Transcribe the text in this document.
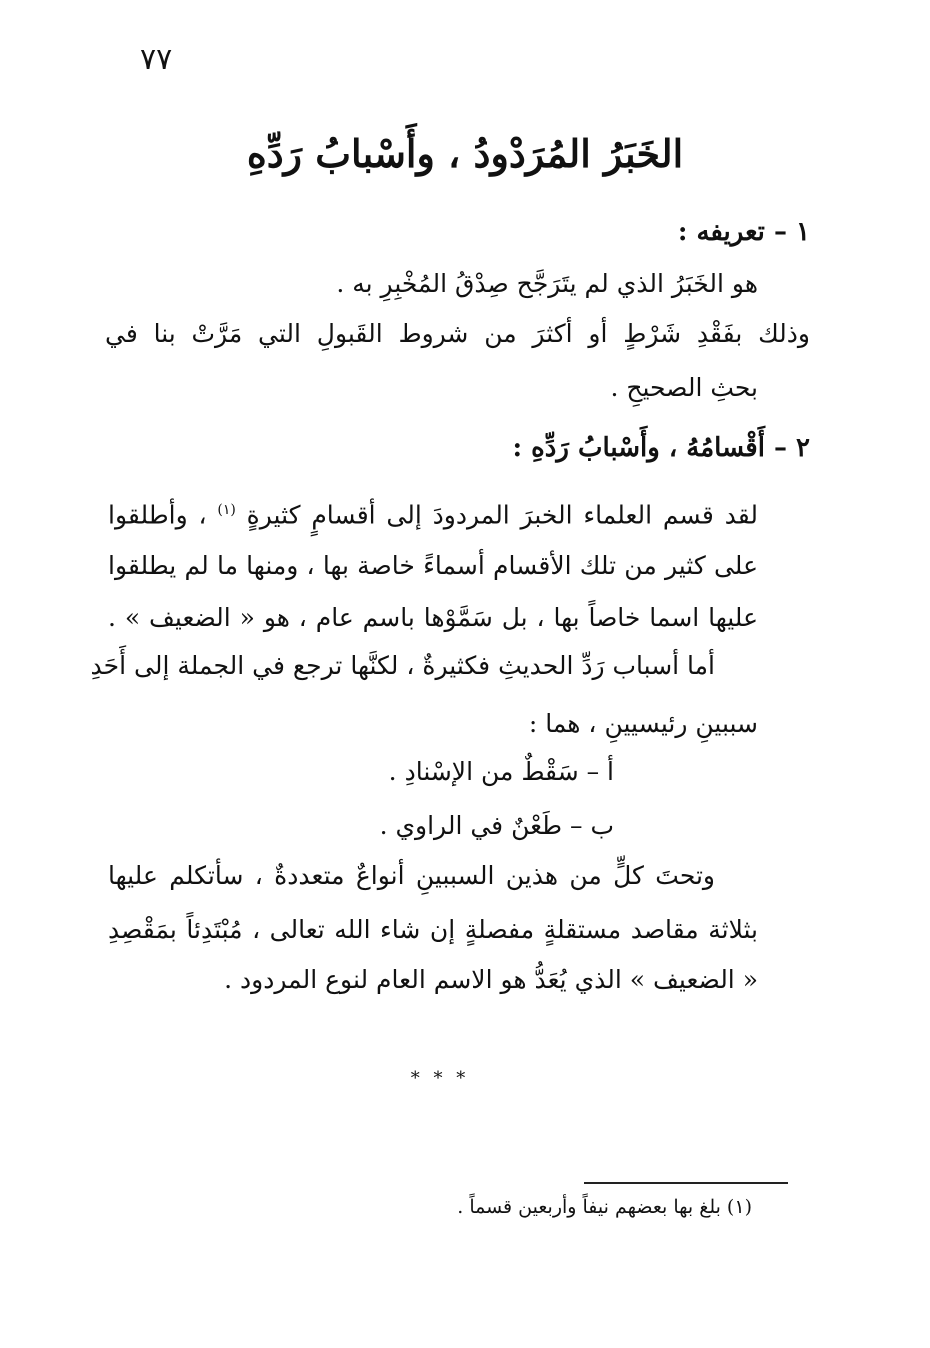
٧٧
الخَبَرُ المُرَدْودُ ، وأَسْبابُ رَدِّهِ
١ – تعريفه :
هو الخَبَرُ الذي لم يتَرَجَّح صِدْقُ المُخْبِرِ به .
وذلك بفَقْدِ شَرْطٍ أو أكثرَ من شروط القَبولِ التي مَرَّتْ بنا في
بحثِ الصحيحِ .
٢ – أَقْسامُهُ ، وأَسْبابُ رَدِّهِ :
لقد قسم العلماء الخبرَ المردودَ إلى أقسامٍ كثيرةٍ $^{(١)}$ ، وأطلقوا
على كثير من تلك الأقسام أسماءً خاصة بها ، ومنها ما لم يطلقوا
عليها اسما خاصاً بها ، بل سَمَّوْها باسم عام ، هو « الضعيف » .
أما أسباب رَدِّ الحديثِ فكثيرةٌ ، لكنَّها ترجع في الجملة إلى أَحَدِ
سببينِ رئيسيينِ ، هما :
أ – سَقْطٌ من الإسْنادِ .
ب – طَعْنٌ في الراوي .
وتحتَ كلٍّ من هذين السببينِ أنواعٌ متعددةٌ ، سأتكلم عليها
بثلاثة مقاصد مستقلةٍ مفصلةٍ إن شاء الله تعالى ، مُبْتَدِئاً بمَقْصِدِ
« الضعيف » الذي يُعَدُّ هو الاسم العام لنوع المردود .
* * *
(١) بلغ بها بعضهم نيفاً وأربعين قسماً .
